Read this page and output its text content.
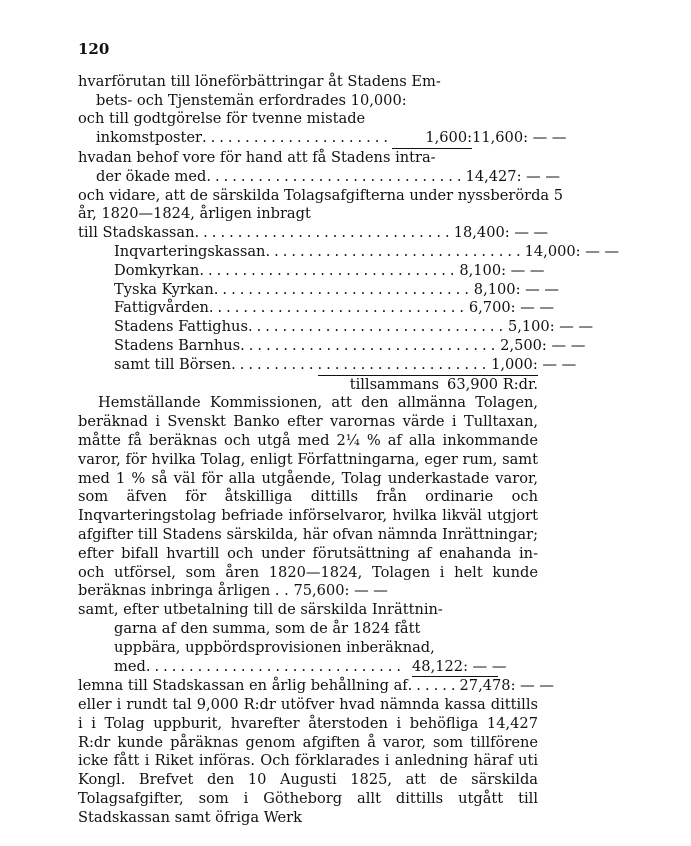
120
hvarförutan till löneförbättringar åt Stadens Em-
bets- och Tjenstemän erfordrades 10,000:
och till godtgörelse för tvenne mistade
inkomstposter ......................	1,600: 11,600: — —
hvadan behof vore för hand att få Stadens intra-
der ökade med .............................. 14,427: — —
och vidare, att de särskilda Tolagsafgifterna under nyssberörda 5
år, 1820—1824, årligen inbragt
till Stadskassan .............................. 18,400: — —
Inqvarteringskassan .............................. 14,000: — —
Domkyrkan .............................. 8,100: — —
Tyska Kyrkan .............................. 8,100: — —
Fattigvården .............................. 6,700: — —
Stadens Fattighus .............................. 5,100: — —
Stadens Barnhus .............................. 2,500: — —
samt till Börsen .............................. 1,000: — —
tillsammans 63,900 R:dr.

Hemställande Kommissionen, att den allmänna Tolagen, beräknad i Svenskt Banko efter varornas värde i Tulltaxan, måtte få beräknas och utgå med 2¼ % af alla inkommande varor, för hvilka Tolag, enligt Författningarna, eger rum, samt med 1 % så väl för alla utgående, Tolag underkastade varor, som äfven för åtskilliga dittills från ordinarie och Inqvarteringstolag befriade införselvaror, hvilka likväl utgjort afgifter till Stadens särskilda, här ofvan nämnda Inrättningar; efter bifall hvartill och under förutsättning af enahanda in- och utförsel, som åren 1820—1824, Tolagen i helt kunde beräknas inbringa årligen . . 75,600: — —

samt, efter utbetalning till de särskilda Inrättnin-
garna af den summa, som de år 1824 fått
uppbära, uppbördsprovisionen inberäknad,
med .............................. 48,122: — —
lemna till Stadskassan en årlig behållning af ...... 27,478: — —

eller i rundt tal 9,000 R:dr utöfver hvad nämnda kassa dittills i i Tolag uppburit, hvarefter återstoden i behöfliga 14,427 R:dr kunde påräknas genom afgiften å varor, som tillförene icke fått i Riket införas. Och förklarades i anledning häraf uti Kongl. Brefvet den 10 Augusti 1825, att de särskilda Tolagsafgifter, som i Götheborg allt dittills utgått till Stadskassan samt öfriga Werk
